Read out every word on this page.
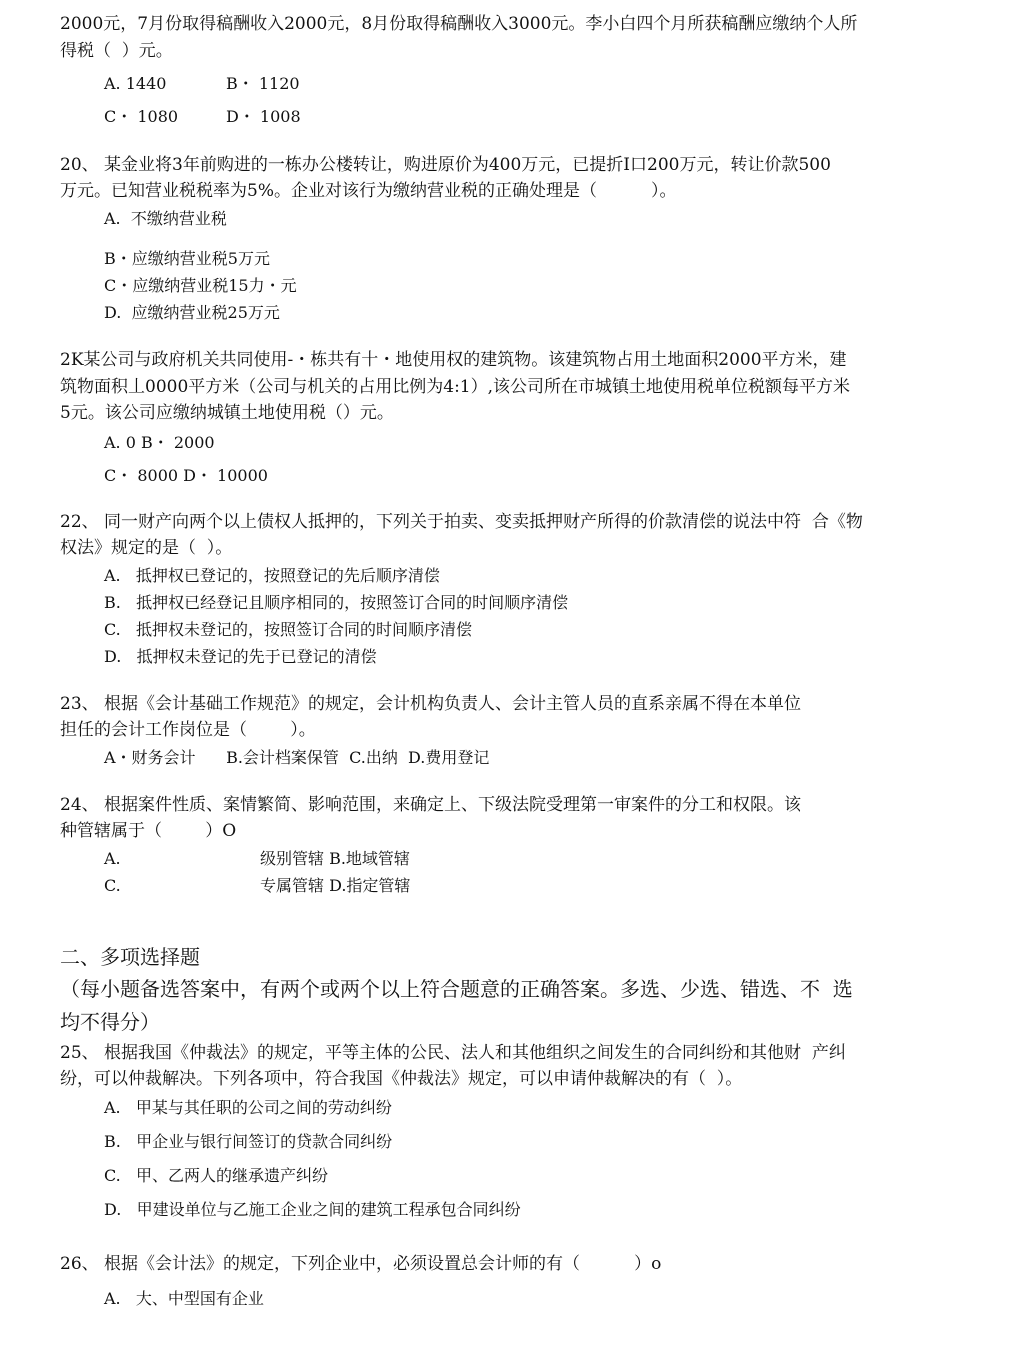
2000元，7月份取得稿酬收入2000元，8月份取得稿酬收入3000元。李小白四个月所获稿酬应缴纳个人所
得税（  ）元。
A. 1440	B・ 1120
C・ 1080	D・ 1008
20、 某金业将3年前购进的一栋办公楼转让，购进原价为400万元，已提折I口200万元，转让价款500
万元。已知营业税税率为5%。企业对该行为缴纳营业税的正确处理是（          ）。
A.  不缴纳营业税
B・应缴纳营业税5万元
C・应缴纳营业税15力・元
D.  应缴纳营业税25万元
2K某公司与政府机关共同使用-・栋共有十・地使用权的建筑物。该建筑物占用土地面积2000平方米，建
筑物面积丄0000平方米（公司与机关的占用比例为4:1）,该公司所在市城镇土地使用税单位税额每平方米
5元。该公司应缴纳城镇土地使用税（）元。
A. 0 B・ 2000
C・ 8000 D・ 10000
22、 同一财产向两个以上债权人抵押的，下列关于拍卖、变卖抵押财产所得的价款清偿的说法中符  合《物
权法》规定的是（  ）。
A.   抵押权已登记的，按照登记的先后顺序清偿
B.   抵押权已经登记且顺序相同的，按照签订合同的时间顺序清偿
C.   抵押权未登记的，按照签订合同的时间顺序清偿
D.   抵押权未登记的先于已登记的清偿
23、 根据《会计基础工作规范》的规定，会计机构负责人、会计主管人员的直系亲属不得在本单位
担任的会计工作岗位是（        ）。
A・财务会计      B.会计档案保管  C.出纳  D.费用登记
24、 根据案件性质、案情繁简、影响范围，来确定上、下级法院受理第一审案件的分工和权限。该
种管辖属于（        ）O
A.	级别管辖 B.地域管辖
C.	专属管辖 D.指定管辖
二、多项选择题
（每小题备选答案中，有两个或两个以上符合题意的正确答案。多选、少选、错选、不  选
均不得分）
25、 根据我国《仲裁法》的规定，平等主体的公民、法人和其他组织之间发生的合同纠纷和其他财  产纠
纷，可以仲裁解决。下列各项中，符合我国《仲裁法》规定，可以申请仲裁解决的有（  ）。
A.   甲某与其任职的公司之间的劳动纠纷
B.   甲企业与银行间签订的贷款合同纠纷
C.   甲、乙两人的继承遗产纠纷
D.   甲建设单位与乙施工企业之间的建筑工程承包合同纠纷
26、 根据《会计法》的规定，下列企业中，必须设置总会计师的有（          ）o
A.   大、中型国有企业
